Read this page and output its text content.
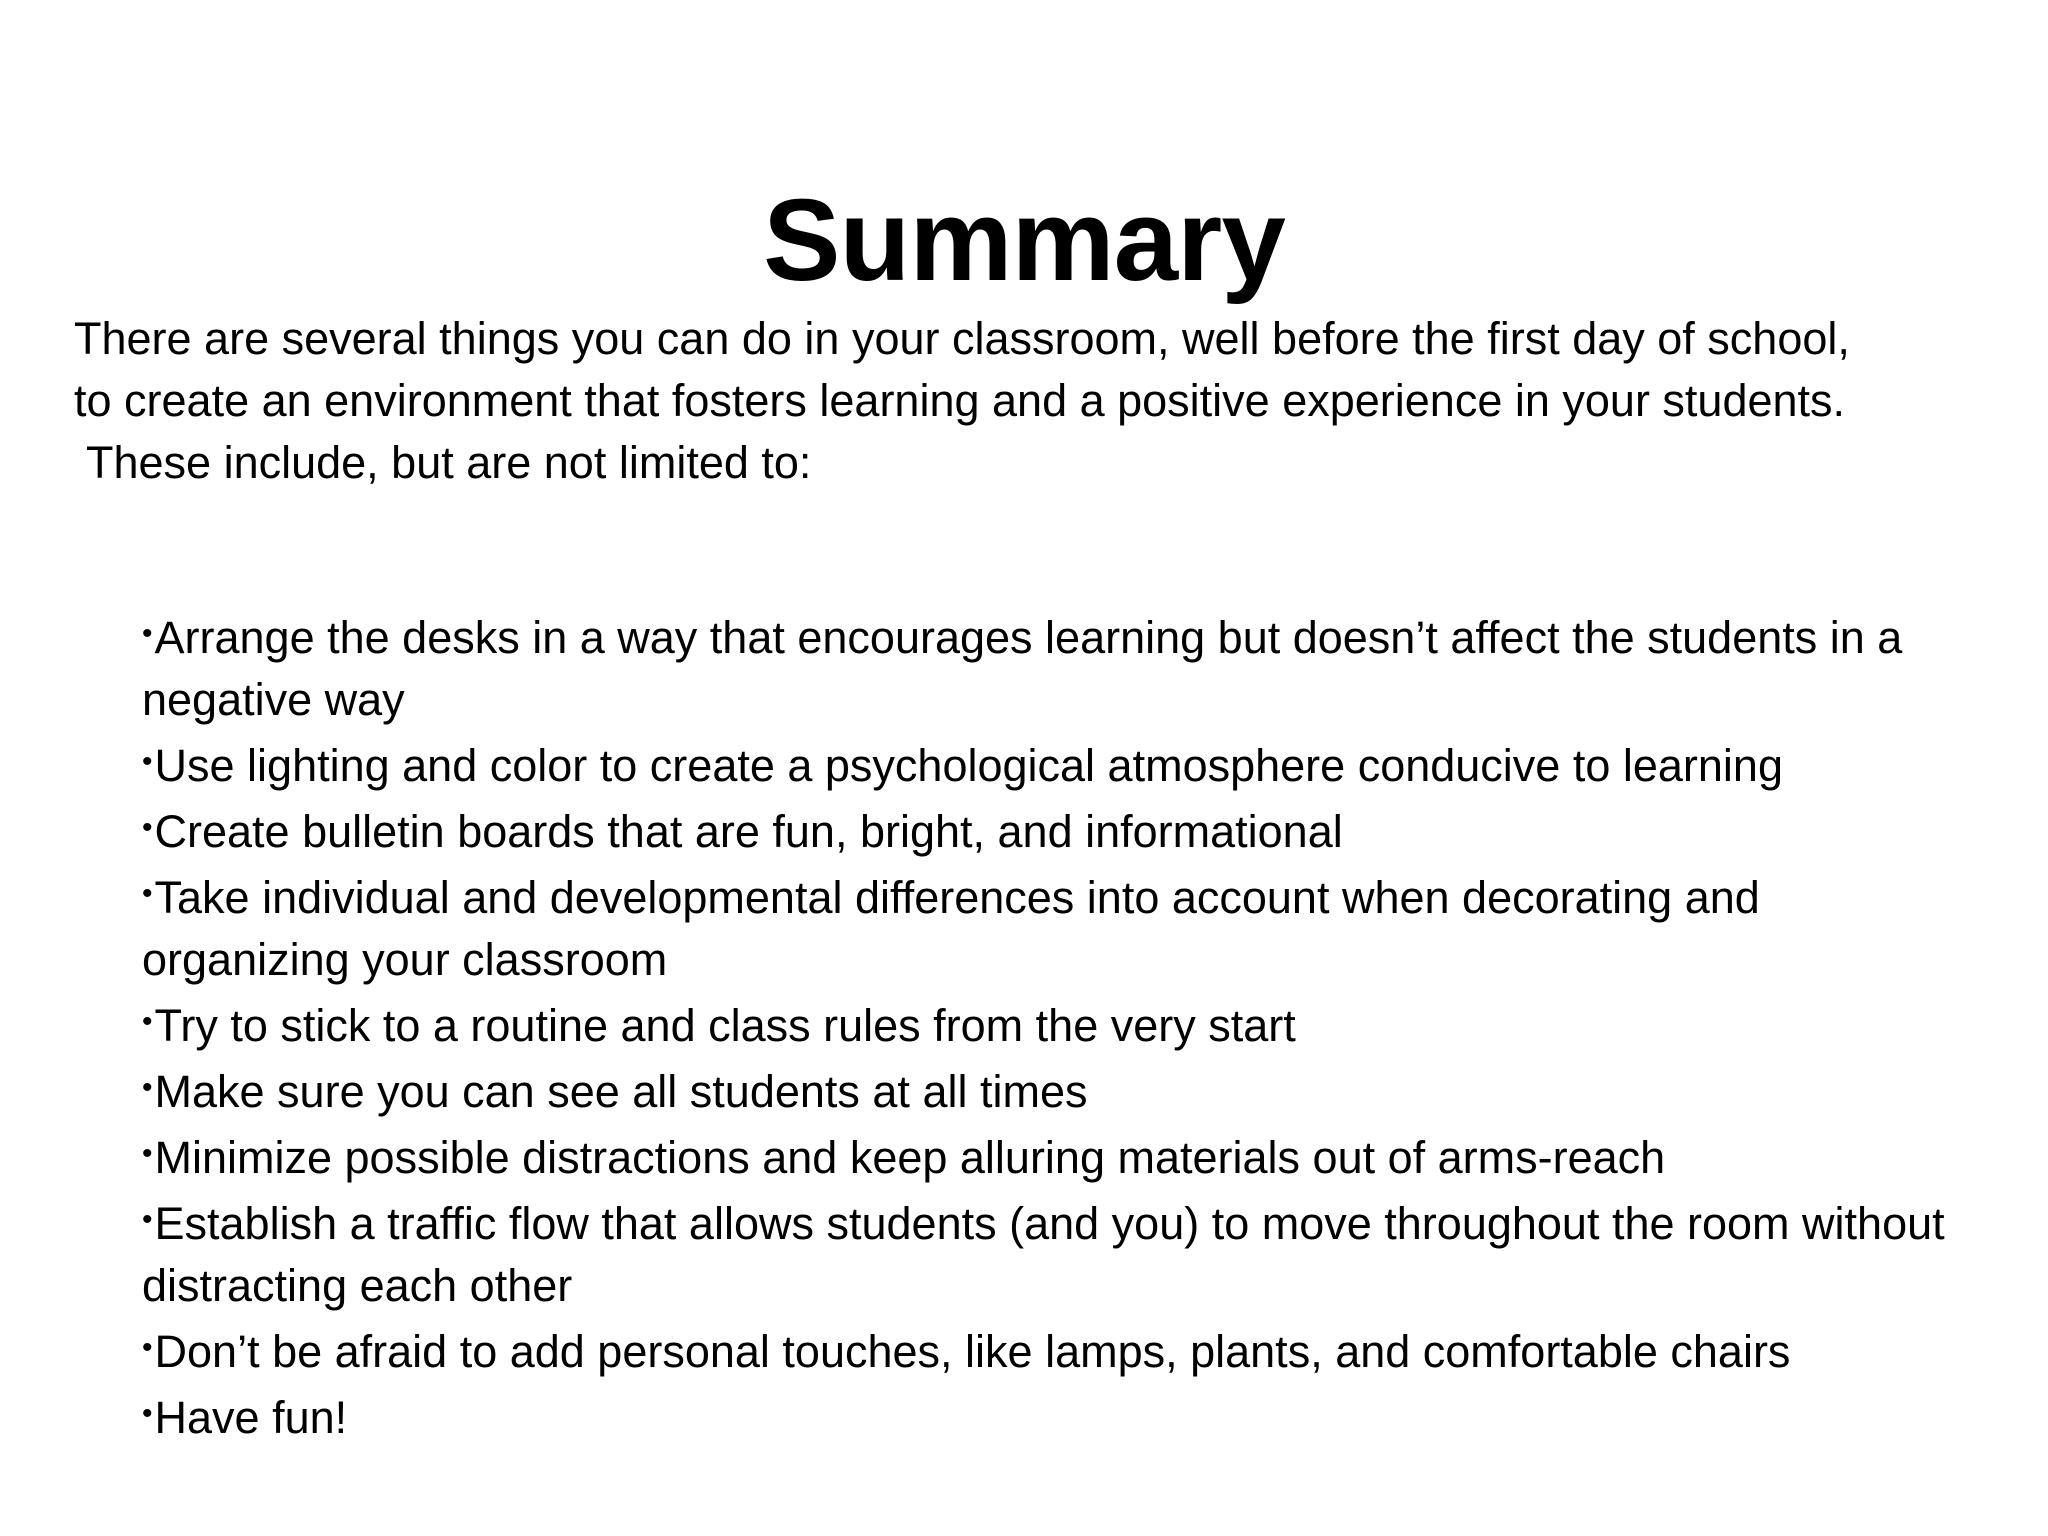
Summary
There are several things you can do in your classroom, well before the first day of school,
to create an environment that fosters learning and a positive experience in your students.
These include, but are not limited to:
•Arrange the desks in a way that encourages learning but doesn’t affect the students in a negative way
•Use lighting and color to create a psychological atmosphere conducive to learning
•Create bulletin boards that are fun, bright, and informational
•Take individual and developmental differences into account when decorating and organizing your classroom
•Try to stick to a routine and class rules from the very start
•Make sure you can see all students at all times
•Minimize possible distractions and keep alluring materials out of arms-reach
•Establish a traffic flow that allows students (and you) to move throughout the room without distracting each other
•Don’t be afraid to add personal touches, like lamps, plants, and comfortable chairs
•Have fun!
